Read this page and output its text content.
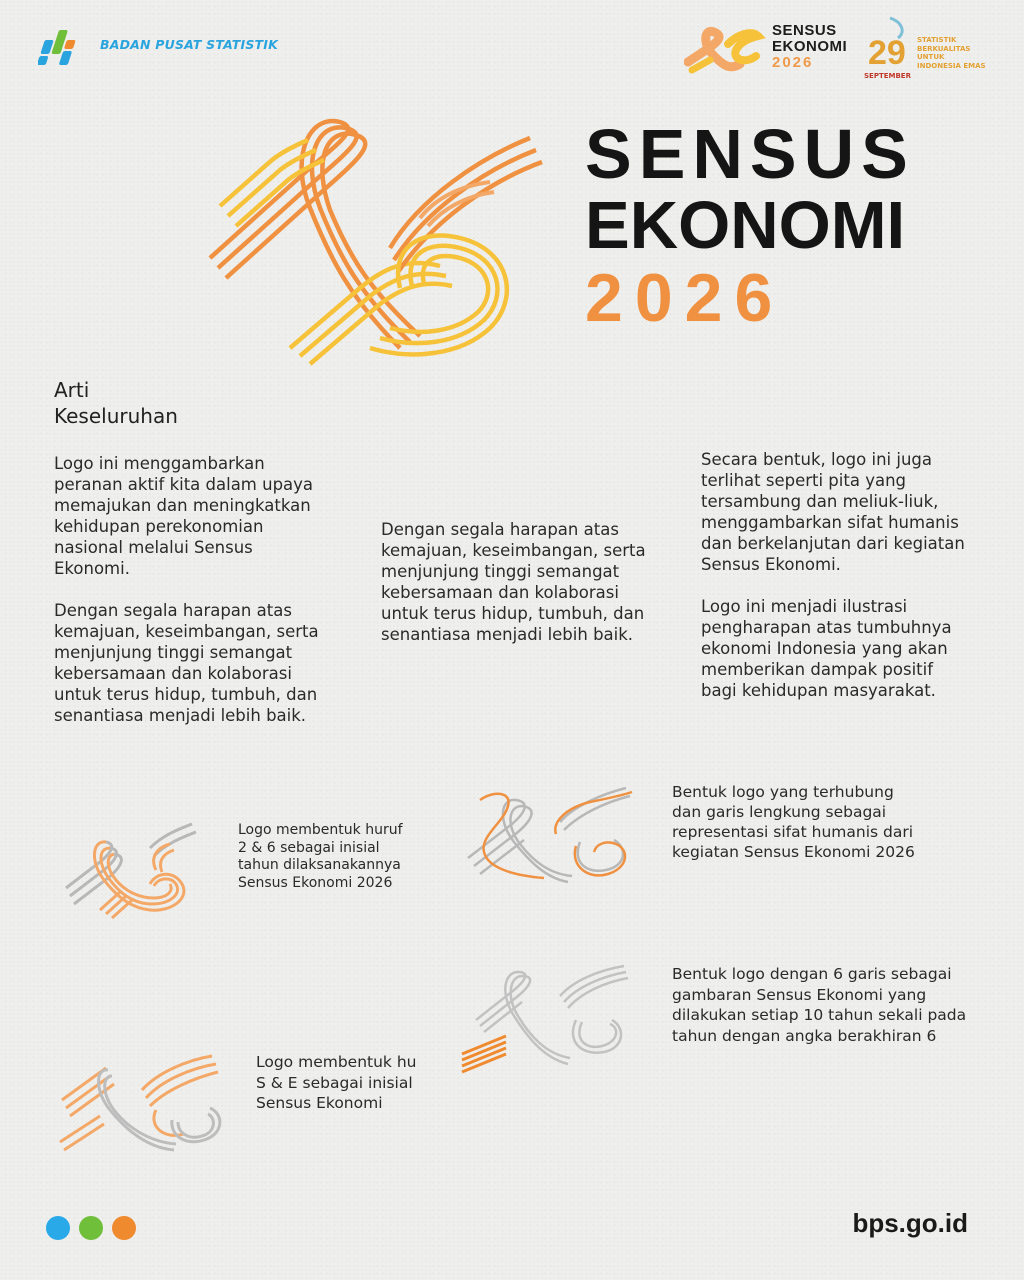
BADAN PUSAT STATISTIK
SENSUS
EKONOMI
2026	29
SEPTEMBER
STATISTIK
BERKUALITAS
UNTUK
INDONESIA EMAS
SENSUS
EKONOMI
2026
Arti
Keseluruhan

Logo ini menggambarkan
peranan aktif kita dalam upaya
memajukan dan meningkatkan
kehidupan perekonomian
nasional melalui Sensus
Ekonomi.

Dengan segala harapan atas
kemajuan, keseimbangan, serta
menjunjung tinggi semangat
kebersamaan dan kolaborasi
untuk terus hidup, tumbuh, dan
senantiasa menjadi lebih baik.

Dengan segala harapan atas
kemajuan, keseimbangan, serta
menjunjung tinggi semangat
kebersamaan dan kolaborasi
untuk terus hidup, tumbuh, dan
senantiasa menjadi lebih baik.

Secara bentuk, logo ini juga
terlihat seperti pita yang
tersambung dan meliuk-liuk,
menggambarkan sifat humanis
dan berkelanjutan dari kegiatan
Sensus Ekonomi.

Logo ini menjadi ilustrasi
pengharapan atas tumbuhnya
ekonomi Indonesia yang akan
memberikan dampak positif
bagi kehidupan masyarakat.

Logo membentuk huruf
2 & 6 sebagai inisial
tahun dilaksanakannya
Sensus Ekonomi 2026

Bentuk logo yang terhubung
dan garis lengkung sebagai
representasi sifat humanis dari
kegiatan Sensus Ekonomi 2026

Bentuk logo dengan 6 garis sebagai
gambaran Sensus Ekonomi yang
dilakukan setiap 10 tahun sekali pada
tahun dengan angka berakhiran 6

Logo membentuk hu
S & E sebagai inisial
Sensus Ekonomi

bps.go.id
